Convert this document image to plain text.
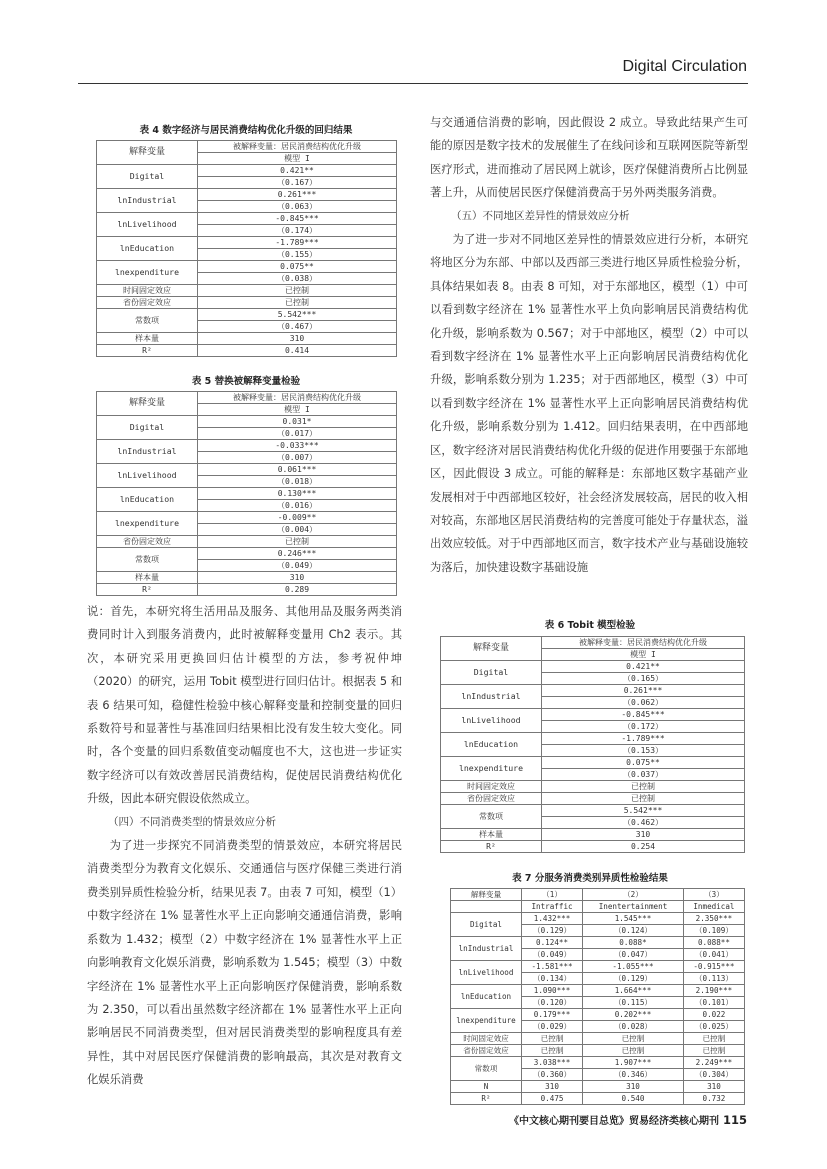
Digital Circulation
表 4 数字经济与居民消费结构优化升级的回归结果
解释变量	被解释变量：居民消费结构优化升级
	模型 I
Digital	0.421**
	（0.167）
lnIndustrial	0.261***
	（0.063）
lnLivelihood	-0.845***
	（0.174）
lnEducation	-1.789***
	（0.155）
lnexpenditure	0.075**
	（0.038）
时间固定效应	已控制
省份固定效应	已控制
常数项	5.542***
	（0.467）
样本量	310
R²	0.414
表 5 替换被解释变量检验
解释变量	被解释变量：居民消费结构优化升级
	模型 I
Digital	0.031*
	（0.017）
lnIndustrial	-0.033***
	（0.007）
lnLivelihood	0.061***
	（0.018）
lnEducation	0.130***
	（0.016）
lnexpenditure	-0.009**
	（0.004）
省份固定效应	已控制
常数项	0.246***
	（0.049）
样本量	310
R²	0.289

说：首先，本研究将生活用品及服务、其他用品及服务两类消费同时计入到服务消费内，此时被解释变量用 Ch2 表示。其次，本研究采用更换回归估计模型的方法，参考祝仲坤（2020）的研究，运用 Tobit 模型进行回归估计。根据表 5 和表 6 结果可知，稳健性检验中核心解释变量和控制变量的回归系数符号和显著性与基准回归结果相比没有发生较大变化。同时，各个变量的回归系数值变动幅度也不大，这也进一步证实数字经济可以有效改善居民消费结构，促使居民消费结构优化升级，因此本研究假设依然成立。

（四）不同消费类型的情景效应分析

为了进一步探究不同消费类型的情景效应，本研究将居民消费类型分为教育文化娱乐、交通通信与医疗保健三类进行消费类别异质性检验分析，结果见表 7。由表 7 可知，模型（1）中数字经济在 1% 显著性水平上正向影响交通通信消费，影响系数为 1.432；模型（2）中数字经济在 1% 显著性水平上正向影响教育文化娱乐消费，影响系数为 1.545；模型（3）中数字经济在 1% 显著性水平上正向影响医疗保健消费，影响系数为 2.350，可以看出虽然数字经济都在 1% 显著性水平上正向影响居民不同消费类型，但对居民消费类型的影响程度具有差异性，其中对居民医疗保健消费的影响最高，其次是对教育文化娱乐消费

与交通通信消费的影响，因此假设 2 成立。导致此结果产生可能的原因是数字技术的发展催生了在线问诊和互联网医院等新型医疗形式，进而推动了居民网上就诊，医疗保健消费所占比例显著上升，从而使居民医疗保健消费高于另外两类服务消费。

（五）不同地区差异性的情景效应分析

为了进一步对不同地区差异性的情景效应进行分析，本研究将地区分为东部、中部以及西部三类进行地区异质性检验分析，具体结果如表 8。由表 8 可知，对于东部地区，模型（1）中可以看到数字经济在 1% 显著性水平上负向影响居民消费结构优化升级，影响系数为 0.567；对于中部地区，模型（2）中可以看到数字经济在 1% 显著性水平上正向影响居民消费结构优化升级，影响系数分别为 1.235；对于西部地区，模型（3）中可以看到数字经济在 1% 显著性水平上正向影响居民消费结构优化升级，影响系数分别为 1.412。回归结果表明，在中西部地区，数字经济对居民消费结构优化升级的促进作用要强于东部地区，因此假设 3 成立。可能的解释是：东部地区数字基础产业发展相对于中西部地区较好，社会经济发展较高，居民的收入相对较高，东部地区居民消费结构的完善度可能处于存量状态，溢出效应较低。对于中西部地区而言，数字技术产业与基础设施较为落后，加快建设数字基础设施

表 6 Tobit 模型检验
解释变量	被解释变量：居民消费结构优化升级
	模型 I
Digital	0.421**
	（0.165）
lnIndustrial	0.261***
	（0.062）
lnLivelihood	-0.845***
	（0.172）
lnEducation	-1.789***
	（0.153）
lnexpenditure	0.075**
	（0.037）
时间固定效应	已控制
省份固定效应	已控制
常数项	5.542***
	（0.462）
样本量	310
R²	0.254
表 7 分服务消费类别异质性检验结果
解释变量	（1）	（2）	（3）
	Intraffic	Inentertainment	Inmedical
Digital	1.432***	1.545***	2.350***
	（0.129）	（0.124）	（0.109）
lnIndustrial	0.124**	0.088*	0.088**
	（0.049）	（0.047）	（0.041）
lnLivelihood	-1.581***	-1.055***	-0.915***
	（0.134）	（0.129）	（0.113）
lnEducation	1.090***	1.664***	2.190***
	（0.120）	（0.115）	（0.101）
lnexpenditure	0.179***	0.202***	0.022
	（0.029）	（0.028）	（0.025）
时间固定效应	已控制	已控制	已控制
省份固定效应	已控制	已控制	已控制
常数项	3.038***	1.907***	2.249***
	（0.360）	（0.346）	（0.304）
N	310	310	310
R²	0.475	0.540	0.732
《中文核心期刊要目总览》贸易经济类核心期刊 115
